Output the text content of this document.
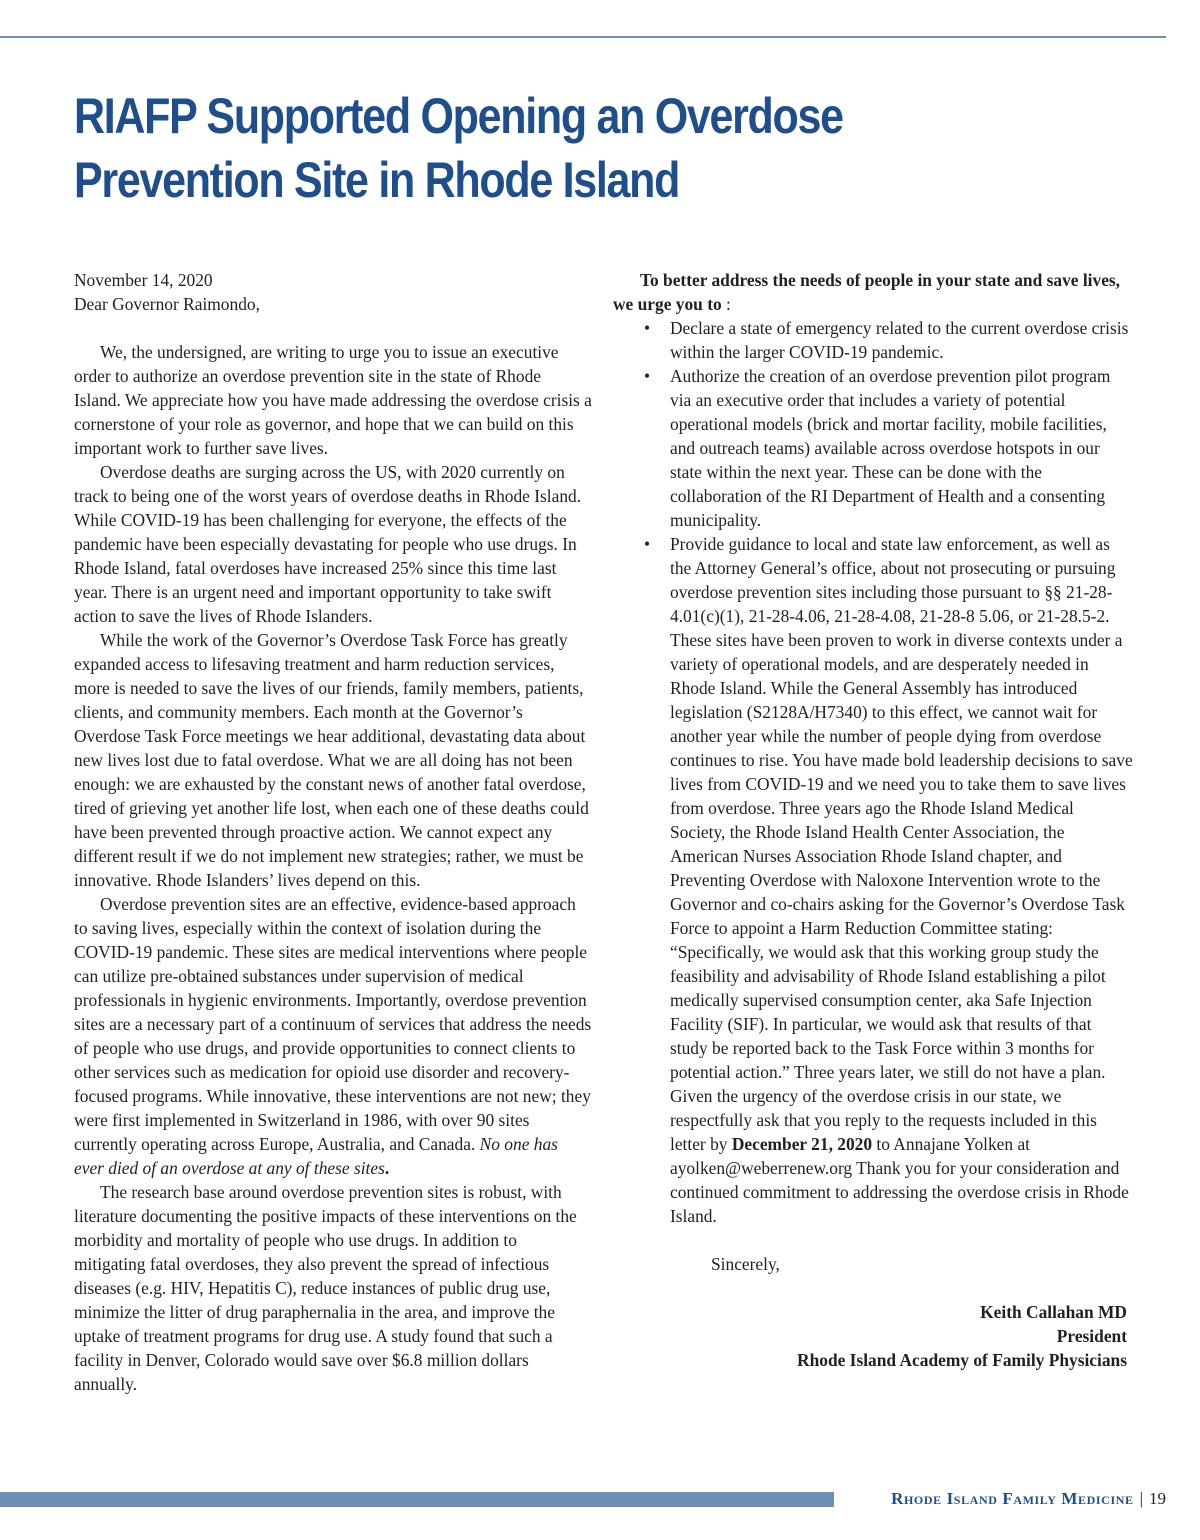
RIAFP Supported Opening an Overdose Prevention Site in Rhode Island

November 14, 2020

Dear Governor Raimondo,

We, the undersigned, are writing to urge you to issue an executive order to authorize an overdose prevention site in the state of Rhode Island. We appreciate how you have made addressing the overdose crisis a cornerstone of your role as governor, and hope that we can build on this important work to further save lives.

Overdose deaths are surging across the US, with 2020 currently on track to being one of the worst years of overdose deaths in Rhode Island. While COVID-19 has been challenging for everyone, the effects of the pandemic have been especially devastating for people who use drugs. In Rhode Island, fatal overdoses have increased 25% since this time last year. There is an urgent need and important opportunity to take swift action to save the lives of Rhode Islanders.

While the work of the Governor’s Overdose Task Force has greatly expanded access to lifesaving treatment and harm reduction services, more is needed to save the lives of our friends, family members, patients, clients, and community members. Each month at the Governor’s Overdose Task Force meetings we hear additional, devastating data about new lives lost due to fatal overdose. What we are all doing has not been enough: we are exhausted by the constant news of another fatal overdose, tired of grieving yet another life lost, when each one of these deaths could have been prevented through proactive action. We cannot expect any different result if we do not implement new strategies; rather, we must be innovative. Rhode Islanders’ lives depend on this.

Overdose prevention sites are an effective, evidence-based approach to saving lives, especially within the context of isolation during the COVID-19 pandemic. These sites are medical interventions where people can utilize pre-obtained substances under supervision of medical professionals in hygienic environments. Importantly, overdose prevention sites are a necessary part of a continuum of services that address the needs of people who use drugs, and provide opportunities to connect clients to other services such as medication for opioid use disorder and recovery-focused programs. While innovative, these interventions are not new; they were first implemented in Switzerland in 1986, with over 90 sites currently operating across Europe, Australia, and Canada. No one has ever died of an overdose at any of these sites.

The research base around overdose prevention sites is robust, with literature documenting the positive impacts of these interventions on the morbidity and mortality of people who use drugs. In addition to mitigating fatal overdoses, they also prevent the spread of infectious diseases (e.g. HIV, Hepatitis C), reduce instances of public drug use, minimize the litter of drug paraphernalia in the area, and improve the uptake of treatment programs for drug use. A study found that such a facility in Denver, Colorado would save over $6.8 million dollars annually.

To better address the needs of people in your state and save lives, we urge you to :

• Declare a state of emergency related to the current overdose crisis within the larger COVID-19 pandemic.
• Authorize the creation of an overdose prevention pilot program via an executive order that includes a variety of potential operational models (brick and mortar facility, mobile facilities, and outreach teams) available across overdose hotspots in our state within the next year. These can be done with the collaboration of the RI Department of Health and a consenting municipality.
• Provide guidance to local and state law enforcement, as well as the Attorney General’s office, about not prosecuting or pursuing overdose prevention sites including those pursuant to §§ 21-28-4.01(c)(1), 21-28-4.06, 21-28-4.08, 21-28-8 5.06, or 21-28.5-2. These sites have been proven to work in diverse contexts under a variety of operational models, and are desperately needed in Rhode Island. While the General Assembly has introduced legislation (S2128A/H7340) to this effect, we cannot wait for another year while the number of people dying from overdose continues to rise. You have made bold leadership decisions to save lives from COVID-19 and we need you to take them to save lives from overdose. Three years ago the Rhode Island Medical Society, the Rhode Island Health Center Association, the American Nurses Association Rhode Island chapter, and Preventing Overdose with Naloxone Intervention wrote to the Governor and co-chairs asking for the Governor’s Overdose Task Force to appoint a Harm Reduction Committee stating: “Specifically, we would ask that this working group study the feasibility and advisability of Rhode Island establishing a pilot medically supervised consumption center, aka Safe Injection Facility (SIF). In particular, we would ask that results of that study be reported back to the Task Force within 3 months for potential action.” Three years later, we still do not have a plan. Given the urgency of the overdose crisis in our state, we respectfully ask that you reply to the requests included in this letter by December 21, 2020 to Annajane Yolken at ayolken@weberrenew.org Thank you for your consideration and continued commitment to addressing the overdose crisis in Rhode Island.

Sincerely,

Keith Callahan MD

President

Rhode Island Academy of Family Physicians

Rhode Island Family Medicine | 19
